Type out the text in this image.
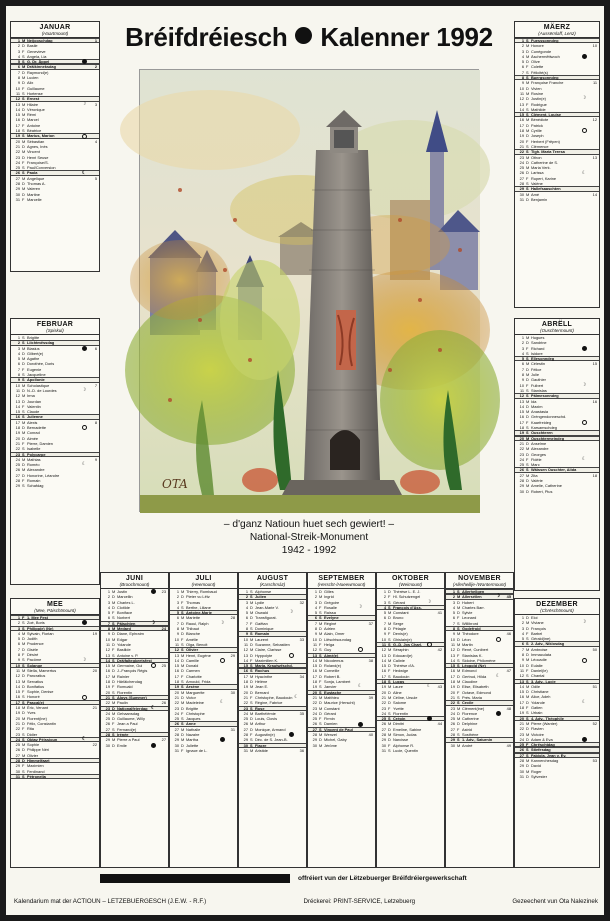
Bréifdréiesch Kalenner 1992
JANUAR
(Haartmount)
1 M Neijooschdag	1
2 D Basile
3 F Genevieve
4 S Angela, Lia
5 S G. Dr. Äppel
6 M Dräikinneksdag	2
7 D Raymond(e)
8 M Lucien
9 D Alix
10 F Guillaume
11 S Hortense
12 S Ernest
13 M Hilaire	☽	3
14 D Véronique
15 M Rémi
16 D Marcel
17 F Antoine
18 S Béatrice
19 S Marius, Marion
20 M Sébastian	4
21 D Agnes, Inès
22 M Vincent
23 D Henri Seuse
24 F Françoise/S.
25 S Paul/Conversion
26 S Paola	☾
27 M Angelique	5
28 D Thomas A.
29 M Valeren
30 D Martine
31 F Marcelle
FEBRUAR
(Spiskul)
1 S Brigitte
2 S Liichtmëssdag
3 M Blasius	6
4 D Gilbert(e)
5 M Agathe
6 D Dorothée, Doris
7 F Eugenie
8 S Jacqueline
9 S Apollonie
10 M Scholastique	7
11 D N.-D. de Lourdes	☽
12 M Irma
13 D Jourdan
14 F Valentin
15 S Claude
16 S Julienne
17 M Alexis	8
18 D Bernadette
19 M Conrad
20 D Aimée
21 F Pierre, Damien
22 S Isabelle
23 S Polycarpe
24 M Mathias	9
25 D Roméo	☾
26 M Alexandre
27 D Honorine, Léandre
28 F Romain
29 S Schafdag
MEE
(Mee, Päischtmount)
1 F 1. Mee Fest
2 S Zoé, Boris
3 S Philipp(e) (Ne)
4 M Sylvain, Florian	19
5 D Judith
6 M Prudence
7 D Gisèle
8 F Désiré
9 S Pacôme	☽
10 S Solange
11 M Stella, Mamertus	20
12 D Pancratius
13 M Servatius
14 D Bonifatius
15 F Sophie, Denise
16 S Honoré
17 S Pascal(e)
18 M Éric, Venant	21
19 D Yves
20 M Florent(ine)
21 D Félix, Constantin
22 F Rita
23 S Didier
24 S Oktav Péissioun	☾
25 M Sophie	22
26 D Philippe Néri
27 M Olivier
28 D Himmelfaart
29 F Maximien
30 S Ferdinand
31 S Pétronella
MÄERZ
(Aussëmlaff, Lenz)
1 S Fuesssonndeg
2 M Honore	10
3 D Cunégonde
4 M Äschermëttwoch
5 D Olive
6 F Colette
7 S Félicité(s)
8 S Buergsonndeg
9 M Françoise Franche	11
10 D Vivien
11 M Rosine
12 D Justin(e)	☽
13 F Rodrigue
14 S Mathilde
15 S Clément, Louise
16 M Bénédicte	12
17 D Patrick
18 M Cyrille
19 D Joseph
20 F Herbert (Frëpen)
21 S Clémence
22 S Tigh. Maria Teresa
23 M Othon	13
24 D Catherine de S.
25 M Maria Verk.
26 D Larissa	☾
27 F Rupert, Karine
28 S Valéne
29 S Hallefsaaschten
30 M Amé	14
31 D Benjamin
ABRËLL
(Ouschtermount)
1 M Hugues
2 D Sandrine
3 F Richard
4 S Isidore
5 S Ellesonndeg
6 M Célestin	15
7 D Félice
8 M Julie
9 D Gauthier
10 F Fulbert	☽
11 S Stanislas
12 S Pälmesonndeg
13 M Ida	16
14 D Maxim
15 M Anastasia
16 D Gréngendonneschd.
17 F Kaarfreideg
18 S Karsamschdeg
19 S Ouschteren
20 M Ouschtermeindeg
21 D Anselme
22 M Alexandre
23 D Georges
24 F Fidèle	☾
25 S Marc
26 S Wäissen Ouschter, Alida
27 M Zita	18
28 D Valérie
29 M Amelie, Catherine
30 D Robert, Pius
DEZEMBER
(Chrëschtmount)
1 D Eloi
2 M Viviane	☽
3 D François
4 F Barbel
5 S Gérald(ine)
6 S 2. Adv., Niklosdag
7 M Ambroise	50
8 D Immaculata
9 M Léocadie
10 D Eulalie
11 F Daniel(le)
12 S Chantal
13 S 3. Adv., Lucie
14 M Odile	51
15 D Christiane
16 M Alice, Adeh
17 D Yolande	☾
18 F Gatien
19 S Urbain
20 S 4. Adv., Théophile
21 M Pierre (Wanter)	52
22 D Flavien
23 M Victoire
24 D Adam & Eva
25 F Chrëschtdag
26 S Stiefesdag
27 S Fabiola, Jean v. Ev.
28 M Kannerchesdag	53
29 D David
30 M Roger
31 D Sylvester
JUNI
(Broochmount)
1 M Justin	23
2 D Marcellin
3 M Charles L.
4 D Clotilde
5 F Boniface
6 S Norbert
7 S Päischten	☽
8 M Medard	24
9 D Diane, Ephraim
10 M Edgar
11 D Yolande
12 F Basilide
13 S Antoine v. P.
14 S Dräifaltegkeetsfest
15 M Germaine, Gui	25
16 D J.-François Régis
17 M Rainier
18 D Härläichendag
19 F Romuald
20 S Florentin
21 S Aloys (Summer)
22 M Paulin	26
23 D Nationalfeierdag ☾
24 M Gehaansdag
25 D Guillaume, Willy
26 F Jean a Paul
27 S Fernand(e)
28 S Irénée
29 M Pierre a Paul	27
30 D Emile
JULI
(Heemount)
1 M Thierry, Rombaud
2 D Pieter vu Lëtz
3 F Thomas
4 S Berthe, Liliane
5 S Antoine-Marie
6 M Mariette	28
7 D Raoul, Ralph	☽
8 M Thibaut
9 D Blanche
10 F Amélie
11 S Olga, Benoit
12 S Olivier
13 M Henri, Eugène	29
14 D Camille
15 M Donald
16 D Carmen
17 F Charlotte
18 S Arnould, Frida
19 S Arsène
20 M Marguerite	30
21 D Victor
22 M Madeleine	☾
23 D Brigitte
24 F Christophe
25 S Jacques
26 S Anne
27 M Nathalie	31
28 D Nazaire
29 M Martha
30 D Juliette
31 F Ignace de L.
AUGUST
(Karschmáz)
1 S Alphonse
2 S Julien
3 M Lydie	32
4 D Jean-Marie V.
5 M Oswald	☽
6 D Transfigurat.
7 F Gaëtan
8 S Dominique
9 S Romain
10 M Laurent	33
11 D Suzanne, Sebastien
12 M Claire, Clarisse
13 D Hyppolyte
14 F Maximilien K.
15 S Maria, Krautwëschd.
16 S Rochus
17 M Hyacinthe	34
18 D Hélène
19 M Jean E.
20 D Bernard
21 F Christophe, Baudouin ☾
22 S Régine, Fabrice
23 S Rose
24 M Barthélémie	35
25 D Louis, Clovis
26 M Arthur
27 D Monique, Armand
28 F Augustin(e)
29 S Déc. de S. Jean-B.
30 S Fiacre
31 M Aristide	36
SEPTEMBER
(Herscht-/Hueewmount)
1 D Gilles
2 M Ingrid
3 D Grégoire
4 F Rosalie	☽
5 S Raissa
6 S Evelyne
7 M Réginé	37
8 D Adrien
9 M Alain, Omer
10 D Liëschtsoundag
11 F Helga
12 S Guy
13 S Aimé(e)
14 M Nicodemus	38
15 D Roland(e)
16 M Corneille
17 D Robert B.
18 F Sonja, Lambert
19 S Janvier	☾
20 S Eustache
21 M Matthieu	39
22 D Maurice (Herscht)
23 M Constant
24 D Gérard
25 F Firmin
26 S Damien
27 S Vincent de Paul
28 M Wenzel	40
29 D Michel, Gaby
30 M Jérôme
OKTOBER
(Weimount)
1 D Thérèse L. E. J.
2 F Hl. Schutzengel
3 S Gérard	☽
4 S François d'Ass.
5 M Constant	41
6 D Bruno
7 M Serge
8 D Pélagie
9 F Denis(e)
10 S Ghislain(e)
11 S G.-D. Jos Charl.
12 M Séraphin	42
13 D Edouard(e)
14 M Calixte
15 D Thérèse d'A.
16 F Hedwige
17 S Baudouin
18 S Lucas
19 M Laure	☾	43
20 D Aline
21 M Céline, Ursule
22 D Salome
23 F Yvette
24 S Florentin
25 S Crépin
26 M Dimitri	44
27 D Emeline, Sabine
28 M Simon, Judas
29 D Narcisse
30 F Alphonse R.
31 S Lucie, Quentin
NOVEMBER
(Allerhellije-/Wantermount)
1 S Allerhellgen
2 M Allerséilen	☽	45
3 D Hubert
4 M Charles Barr.
5 D Sylvie
6 F Leonard
7 S Willibrord
8 S Godefroid
9 M Théodore	46
10 D Léon
11 M Martin
12 D René, Cunibert
13 F Stanislas K.
14 S Sidoine, Philomène
15 S Léopold (Ne)
16 M Edmond	47
17 D Gertrud, Hilda	☾
18 M Claudine
19 D Elise, Elisabeth
20 F Octave, Edmond
21 S Prés. Maria
22 S Cecile
23 M Clément(ine)	48
24 D Florence
25 M Catherine
26 D Delphine
27 F Astrid
28 S Sosthène
29 S 1. Adv., Saturnin
30 M André	49
OTA
– d'ganz Natioun huet sech gewiert! –
National-Streik-Monument
1942 - 1992
offréiert vun der Lëtzebuerger Bréifdréiergewerkschaft
Kalendarium mat der ACTIOUN – LETZEBUERGESCH (J.E.W. - R.F.)	Dréckerei: PRINT-SERVICE, Letzebuerg	Gezeechent vun Ota Nalezinek
